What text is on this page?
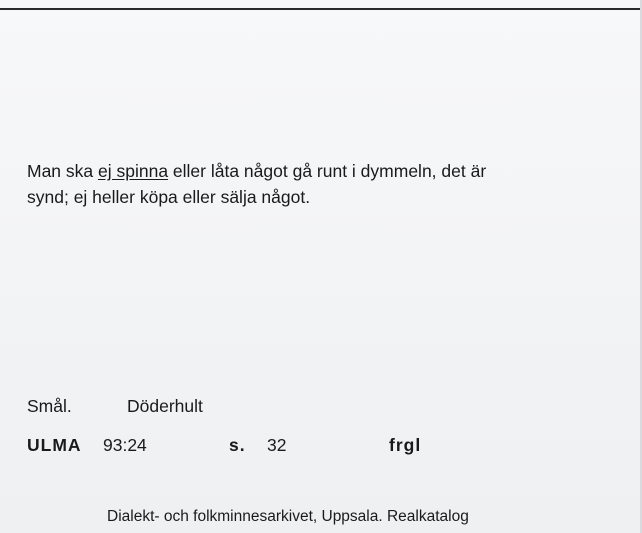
Man ska ej spinna eller låta något gå runt i dymmeln, det är
synd; ej heller köpa eller sälja något.

Smål.	Döderhult
ULMA 93:24	s. 32	frgl
Dialekt- och folkminnesarkivet, Uppsala. Realkatalog
